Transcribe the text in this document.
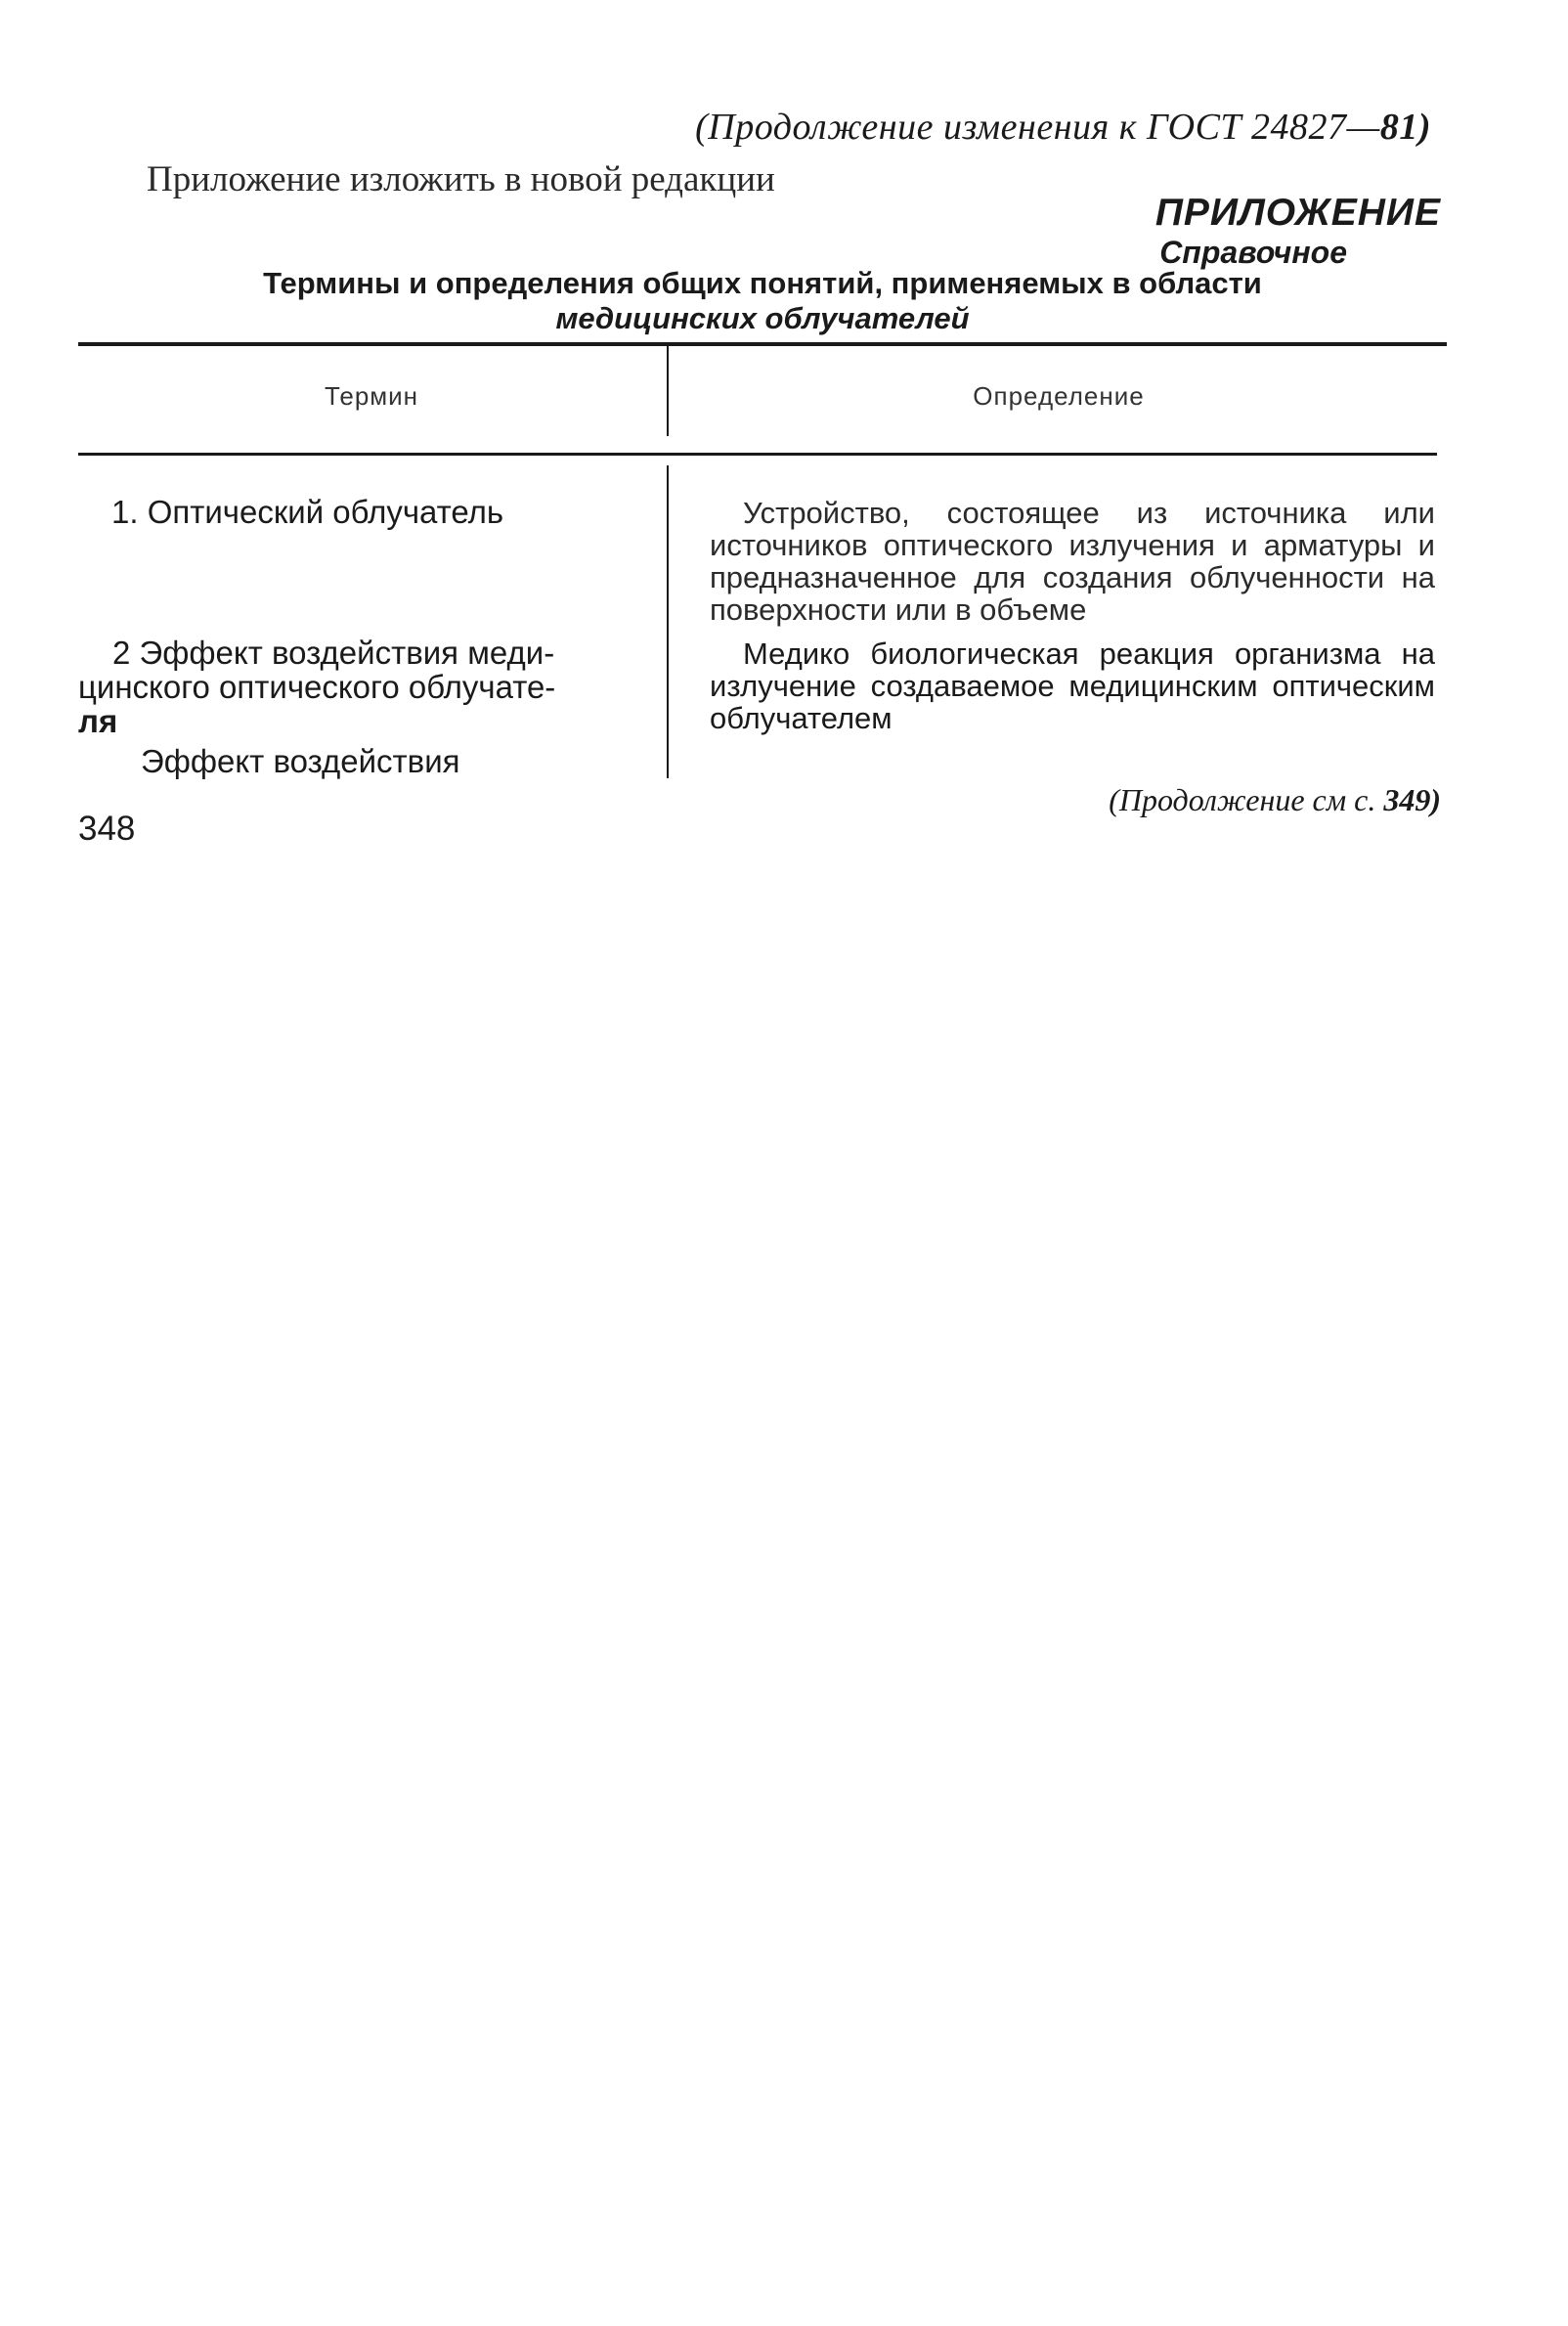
(Продолжение изменения к ГОСТ 24827—81)
Приложение изложить в новой редакции
ПРИЛОЖЕНИЕ
Справочное
Термины и определения общих понятий, применяемых в области
медицинских облучателей
Термин	Определение
1. Оптический облучатель	Устройство, состоящее из источника или источников оптического излучения и арматуры и предназначенное для создания облученности на поверхности или в объеме
2 Эффект воздействия меди-
цинского оптического облучате-
ля
Эффект воздействия
Медико биологическая реакция организма на излучение создаваемое медицинским оптическим облучателем
(Продолжение см с. 349)
348
